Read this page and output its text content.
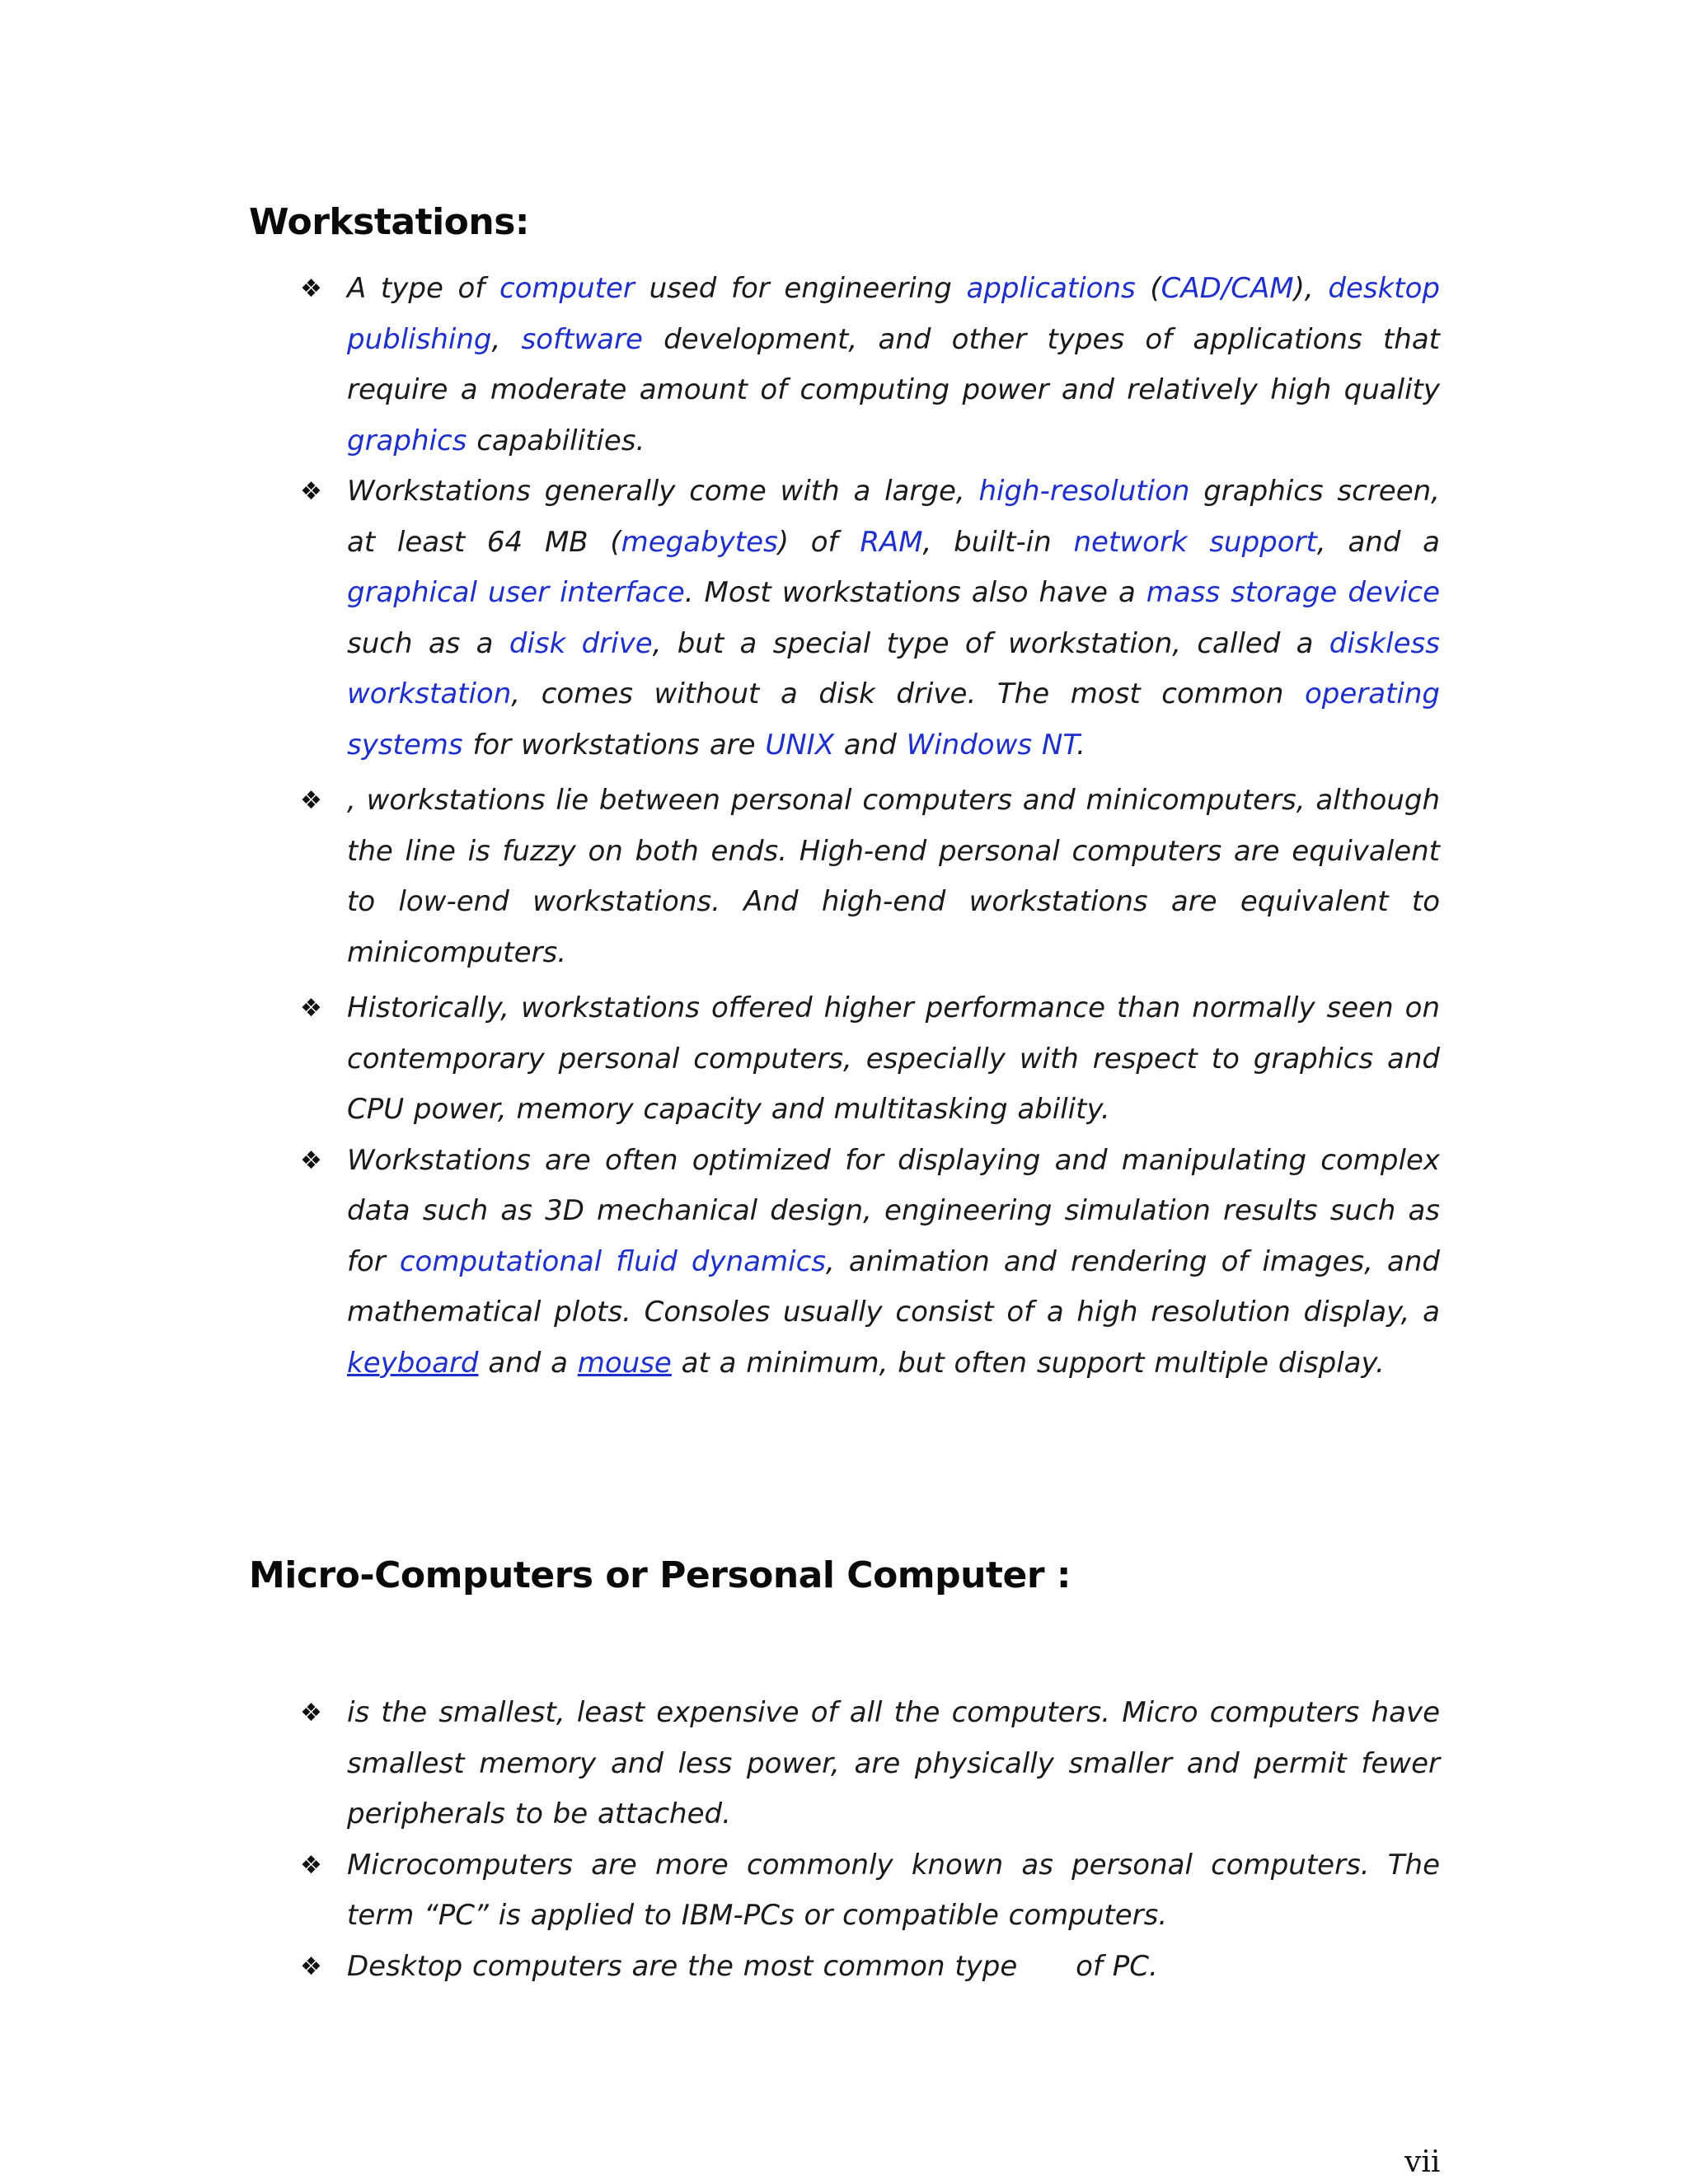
Workstations:
❖ A type of computer used for engineering applications (CAD/CAM), desktop publishing, software development, and other types of applications that require a moderate amount of computing power and relatively high quality graphics capabilities.
❖ Workstations generally come with a large, high-resolution graphics screen, at least 64 MB (megabytes) of RAM, built-in network support, and a graphical user interface. Most workstations also have a mass storage device such as a disk drive, but a special type of workstation, called a diskless workstation, comes without a disk drive. The most common operating systems for workstations are UNIX and Windows NT.
❖ , workstations lie between personal computers and minicomputers, although the line is fuzzy on both ends. High-end personal computers are equivalent to low-end workstations. And high-end workstations are equivalent to minicomputers.
❖ Historically, workstations offered higher performance than normally seen on contemporary personal computers, especially with respect to graphics and CPU power, memory capacity and multitasking ability.
❖ Workstations are often optimized for displaying and manipulating complex data such as 3D mechanical design, engineering simulation results such as for computational fluid dynamics, animation and rendering of images, and mathematical plots. Consoles usually consist of a high resolution display, a keyboard and a mouse at a minimum, but often support multiple display.
Micro-Computers or Personal Computer :
❖ is the smallest, least expensive of all the computers. Micro computers have smallest memory and less power, are physically smaller and permit fewer peripherals to be attached.
❖ Microcomputers are more commonly known as personal computers. The term “PC” is applied to IBM-PCs or compatible computers.
❖ Desktop computers are the most common type      of PC.
vii
